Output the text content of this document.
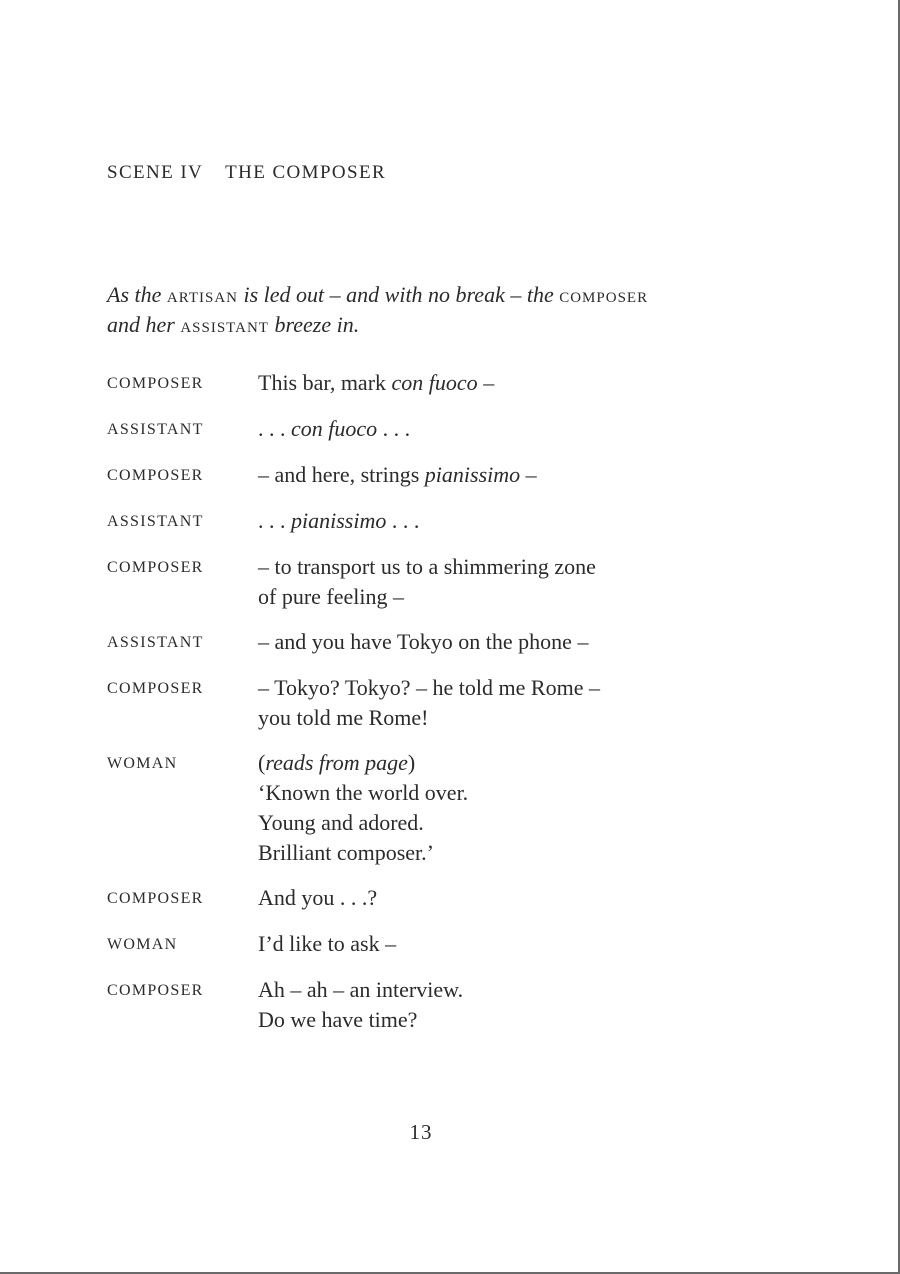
SCENE IV THE COMPOSER
As the artisan is led out – and with no break – the composer
and her assistant breeze in.
COMPOSER	This bar, mark con fuoco –
ASSISTANT	. . . con fuoco . . .
COMPOSER	– and here, strings pianissimo –
ASSISTANT	. . . pianissimo . . .
COMPOSER	– to transport us to a shimmering zone
of pure feeling –
ASSISTANT	– and you have Tokyo on the phone –
COMPOSER	– Tokyo? Tokyo? – he told me Rome –
you told me Rome!
WOMAN	(reads from page)
‘Known the world over.
Young and adored.
Brilliant composer.’
COMPOSER	And you . . .?
WOMAN	I’d like to ask –
COMPOSER	Ah – ah – an interview.
Do we have time?
13
